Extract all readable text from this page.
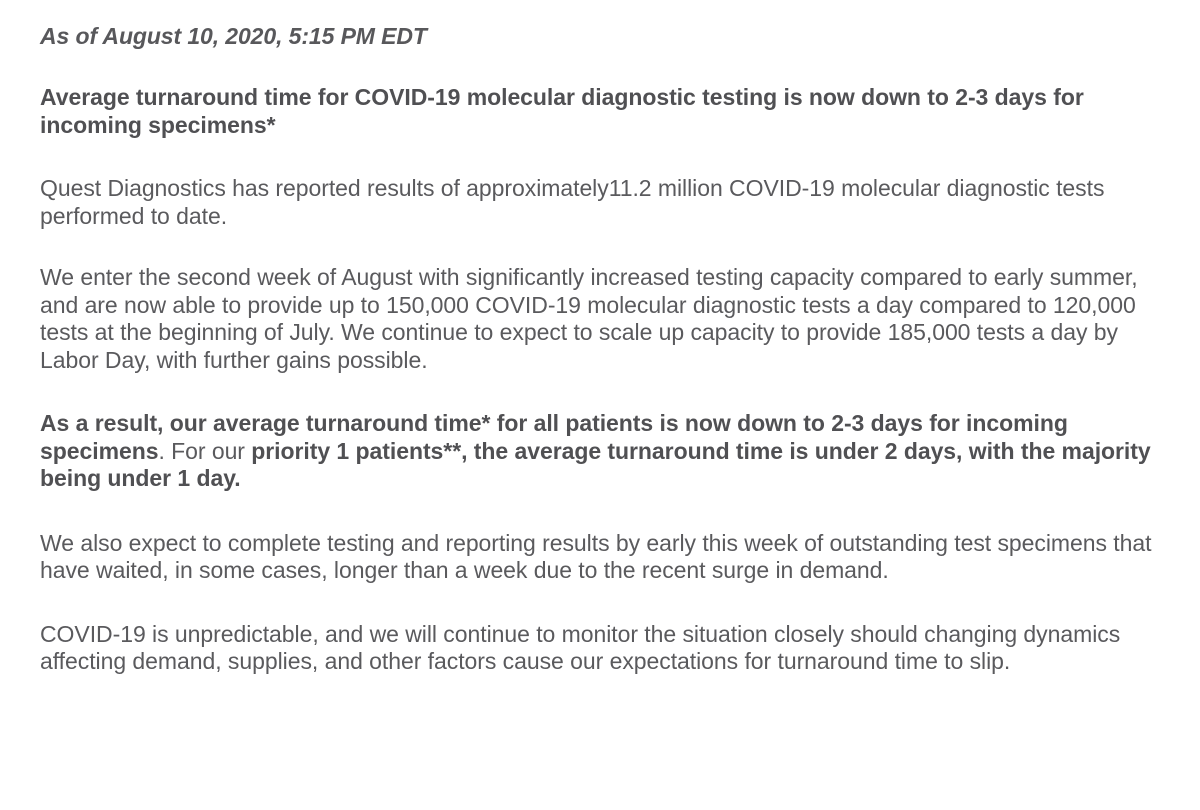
As of August 10, 2020, 5:15 PM EDT

Average turnaround time for COVID-19 molecular diagnostic testing is now down to 2-3 days for incoming specimens*

Quest Diagnostics has reported results of approximately11.2 million COVID-19 molecular diagnostic tests performed to date.

We enter the second week of August with significantly increased testing capacity compared to early summer, and are now able to provide up to 150,000 COVID-19 molecular diagnostic tests a day compared to 120,000 tests at the beginning of July. We continue to expect to scale up capacity to provide 185,000 tests a day by Labor Day, with further gains possible.

As a result, our average turnaround time* for all patients is now down to 2-3 days for incoming specimens. For our priority 1 patients**, the average turnaround time is under 2 days, with the majority being under 1 day.

We also expect to complete testing and reporting results by early this week of outstanding test specimens that have waited, in some cases, longer than a week due to the recent surge in demand.

COVID-19 is unpredictable, and we will continue to monitor the situation closely should changing dynamics affecting demand, supplies, and other factors cause our expectations for turnaround time to slip.
